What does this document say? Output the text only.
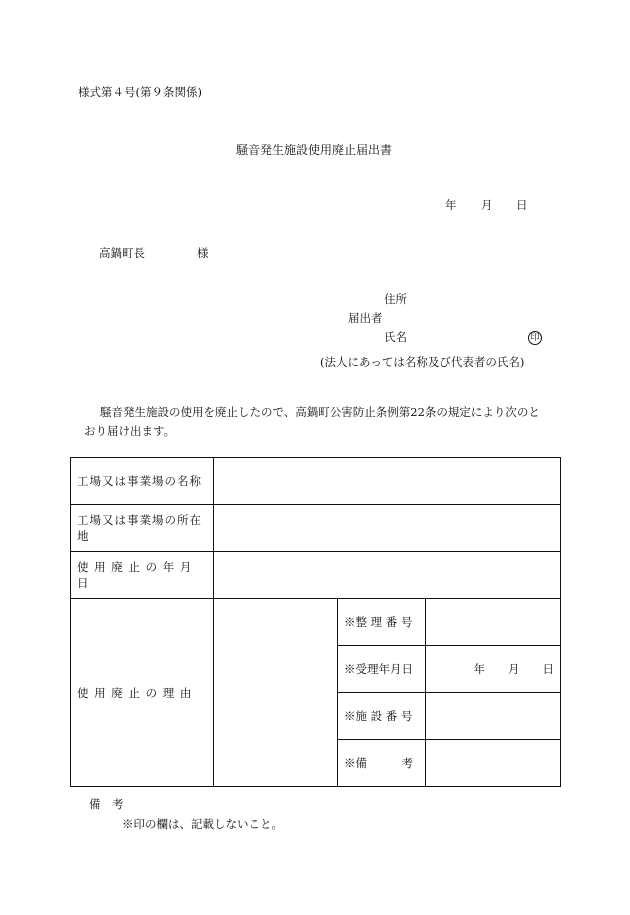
様式第４号(第９条関係)
騒音発生施設使用廃止届出書
年 月 日
高鍋町長	様
住所
届出者
氏名	印
(法人にあっては名称及び代表者の氏名)
騒音発生施設の使用を廃止したので、高鍋町公害防止条例第22条の規定により次のと
おり届け出ます。
工場又は事業場の名称			
工場又は事業場の所在地			
使 用 廃 止 の 年 月 日			
使 用 廃 止 の 理 由		※整 理 番 号	
		※受理年月日	年　　月　　日
		※施 設 番 号	
		※備　　　考	
備　考
※印の欄は、記載しないこと。
